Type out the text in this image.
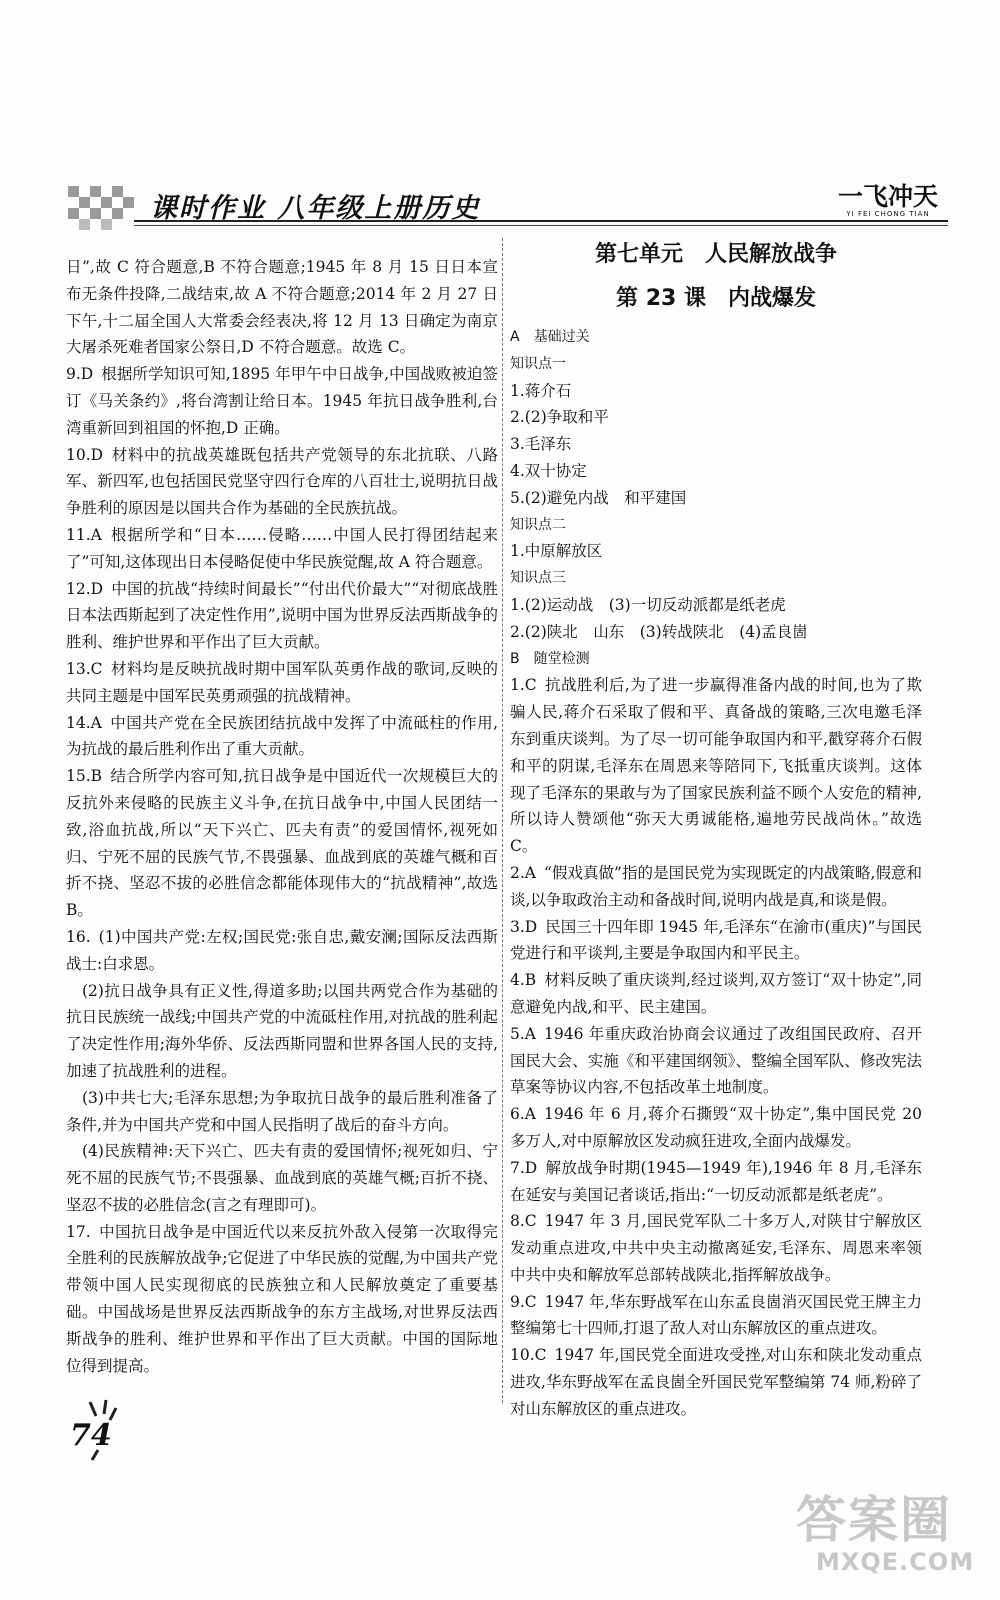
课时作业 八年级上册历史	一飞冲天
YI FEI CHONG TIAN

日”,故 C 符合题意,B 不符合题意;1945 年 8 月 15 日日本宣布无条件投降,二战结束,故 A 不符合题意;2014 年 2 月 27 日下午,十二届全国人大常委会经表决,将 12 月 13 日确定为南京大屠杀死难者国家公祭日,D 不符合题意。故选 C。

9.D 根据所学知识可知,1895 年甲午中日战争,中国战败被迫签订《马关条约》,将台湾割让给日本。1945 年抗日战争胜利,台湾重新回到祖国的怀抱,D 正确。

10.D 材料中的抗战英雄既包括共产党领导的东北抗联、八路军、新四军,也包括国民党坚守四行仓库的八百壮士,说明抗日战争胜利的原因是以国共合作为基础的全民族抗战。

11.A 根据所学和“日本……侵略……中国人民打得团结起来了”可知,这体现出日本侵略促使中华民族觉醒,故 A 符合题意。

12.D 中国的抗战“持续时间最长”“付出代价最大”“对彻底战胜日本法西斯起到了决定性作用”,说明中国为世界反法西斯战争的胜利、维护世界和平作出了巨大贡献。

13.C 材料均是反映抗战时期中国军队英勇作战的歌词,反映的共同主题是中国军民英勇顽强的抗战精神。

14.A 中国共产党在全民族团结抗战中发挥了中流砥柱的作用,为抗战的最后胜利作出了重大贡献。

15.B 结合所学内容可知,抗日战争是中国近代一次规模巨大的反抗外来侵略的民族主义斗争,在抗日战争中,中国人民团结一致,浴血抗战,所以“天下兴亡、匹夫有责”的爱国情怀,视死如归、宁死不屈的民族气节,不畏强暴、血战到底的英雄气概和百折不挠、坚忍不拔的必胜信念都能体现伟大的“抗战精神”,故选 B。

16. (1)中国共产党:左权;国民党:张自忠,戴安澜;国际反法西斯战士:白求恩。

(2)抗日战争具有正义性,得道多助;以国共两党合作为基础的抗日民族统一战线;中国共产党的中流砥柱作用,对抗战的胜利起了决定性作用;海外华侨、反法西斯同盟和世界各国人民的支持,加速了抗战胜利的进程。

(3)中共七大;毛泽东思想;为争取抗日战争的最后胜利准备了条件,并为中国共产党和中国人民指明了战后的奋斗方向。

(4)民族精神:天下兴亡、匹夫有责的爱国情怀;视死如归、宁死不屈的民族气节;不畏强暴、血战到底的英雄气概;百折不挠、坚忍不拔的必胜信念(言之有理即可)。

17. 中国抗日战争是中国近代以来反抗外敌入侵第一次取得完全胜利的民族解放战争;它促进了中华民族的觉醒,为中国共产党带领中国人民实现彻底的民族独立和人民解放奠定了重要基础。中国战场是世界反法西斯战争的东方主战场,对世界反法西斯战争的胜利、维护世界和平作出了巨大贡献。中国的国际地位得到提高。

第七单元　人民解放战争
第 23 课　内战爆发

A　基础过关

知识点一

1.蒋介石

2.(2)争取和平

3.毛泽东

4.双十协定

5.(2)避免内战　和平建国

知识点二

1.中原解放区

知识点三

1.(2)运动战　(3)一切反动派都是纸老虎

2.(2)陕北　山东　(3)转战陕北　(4)孟良崮

B　随堂检测

1.C 抗战胜利后,为了进一步赢得准备内战的时间,也为了欺骗人民,蒋介石采取了假和平、真备战的策略,三次电邀毛泽东到重庆谈判。为了尽一切可能争取国内和平,戳穿蒋介石假和平的阴谋,毛泽东在周恩来等陪同下,飞抵重庆谈判。这体现了毛泽东的果敢与为了国家民族利益不顾个人安危的精神,所以诗人赞颂他“弥天大勇诚能格,遍地劳民战尚休。”故选 C。

2.A “假戏真做”指的是国民党为实现既定的内战策略,假意和谈,以争取政治主动和备战时间,说明内战是真,和谈是假。

3.D 民国三十四年即 1945 年,毛泽东“在渝市(重庆)”与国民党进行和平谈判,主要是争取国内和平民主。

4.B 材料反映了重庆谈判,经过谈判,双方签订“双十协定”,同意避免内战,和平、民主建国。

5.A 1946 年重庆政治协商会议通过了改组国民政府、召开国民大会、实施《和平建国纲领》、整编全国军队、修改宪法草案等协议内容,不包括改革土地制度。

6.A 1946 年 6 月,蒋介石撕毁“双十协定”,集中国民党 20 多万人,对中原解放区发动疯狂进攻,全面内战爆发。

7.D 解放战争时期(1945—1949 年),1946 年 8 月,毛泽东在延安与美国记者谈话,指出:“一切反动派都是纸老虎”。

8.C 1947 年 3 月,国民党军队二十多万人,对陕甘宁解放区发动重点进攻,中共中央主动撤离延安,毛泽东、周恩来率领中共中央和解放军总部转战陕北,指挥解放战争。

9.C 1947 年,华东野战军在山东孟良崮消灭国民党王牌主力整编第七十四师,打退了敌人对山东解放区的重点进攻。

10.C 1947 年,国民党全面进攻受挫,对山东和陕北发动重点进攻,华东野战军在孟良崮全歼国民党军整编第 74 师,粉碎了对山东解放区的重点进攻。

74
答案圈
MXQE.COM
